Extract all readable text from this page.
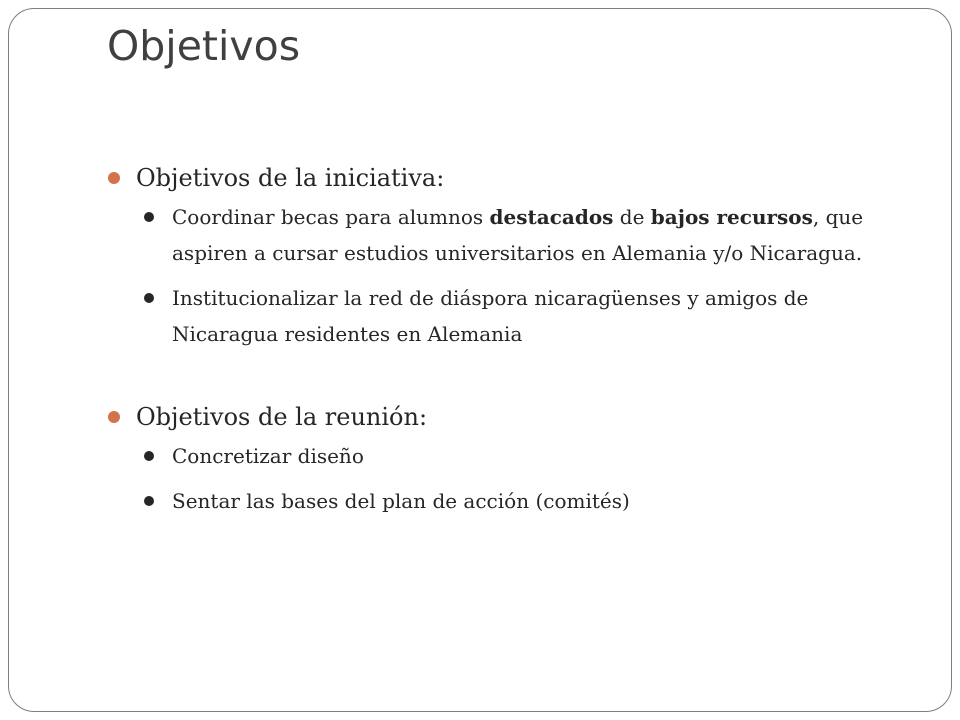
Objetivos
Objetivos de la iniciativa:
Coordinar becas para alumnos destacados de bajos recursos, que aspiren a cursar estudios universitarios en Alemania y/o Nicaragua.
Institucionalizar la red de diáspora nicaragüenses y amigos de Nicaragua residentes en Alemania
Objetivos de la reunión:
Concretizar diseño
Sentar las bases del plan de acción (comités)
